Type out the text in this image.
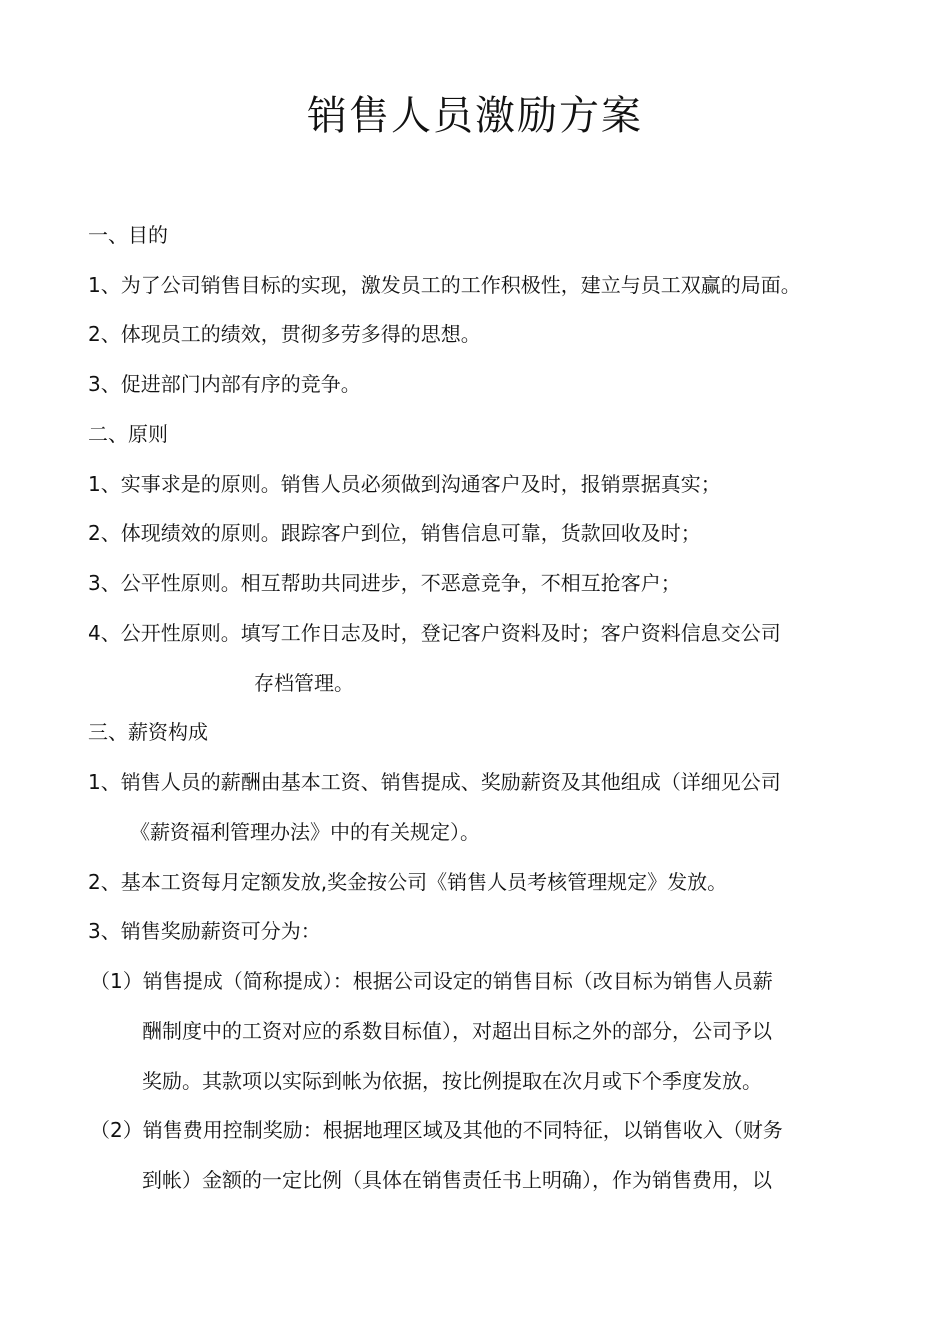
销售人员激励方案
一、目的
1、为了公司销售目标的实现，激发员工的工作积极性，建立与员工双赢的局面。
2、体现员工的绩效，贯彻多劳多得的思想。
3、促进部门内部有序的竞争。
二、原则
1、实事求是的原则。销售人员必须做到沟通客户及时，报销票据真实；
2、体现绩效的原则。跟踪客户到位，销售信息可靠，货款回收及时；
3、公平性原则。相互帮助共同进步，不恶意竞争，不相互抢客户；
4、公开性原则。填写工作日志及时，登记客户资料及时；客户资料信息交公司
存档管理。
三、薪资构成
1、销售人员的薪酬由基本工资、销售提成、奖励薪资及其他组成（详细见公司
《薪资福利管理办法》中的有关规定）。
2、基本工资每月定额发放,奖金按公司《销售人员考核管理规定》发放。
3、销售奖励薪资可分为：
（1）销售提成（简称提成）：根据公司设定的销售目标（改目标为销售人员薪
酬制度中的工资对应的系数目标值），对超出目标之外的部分，公司予以
奖励。其款项以实际到帐为依据，按比例提取在次月或下个季度发放。
（2）销售费用控制奖励：根据地理区域及其他的不同特征，以销售收入（财务
到帐）金额的一定比例（具体在销售责任书上明确），作为销售费用，以
